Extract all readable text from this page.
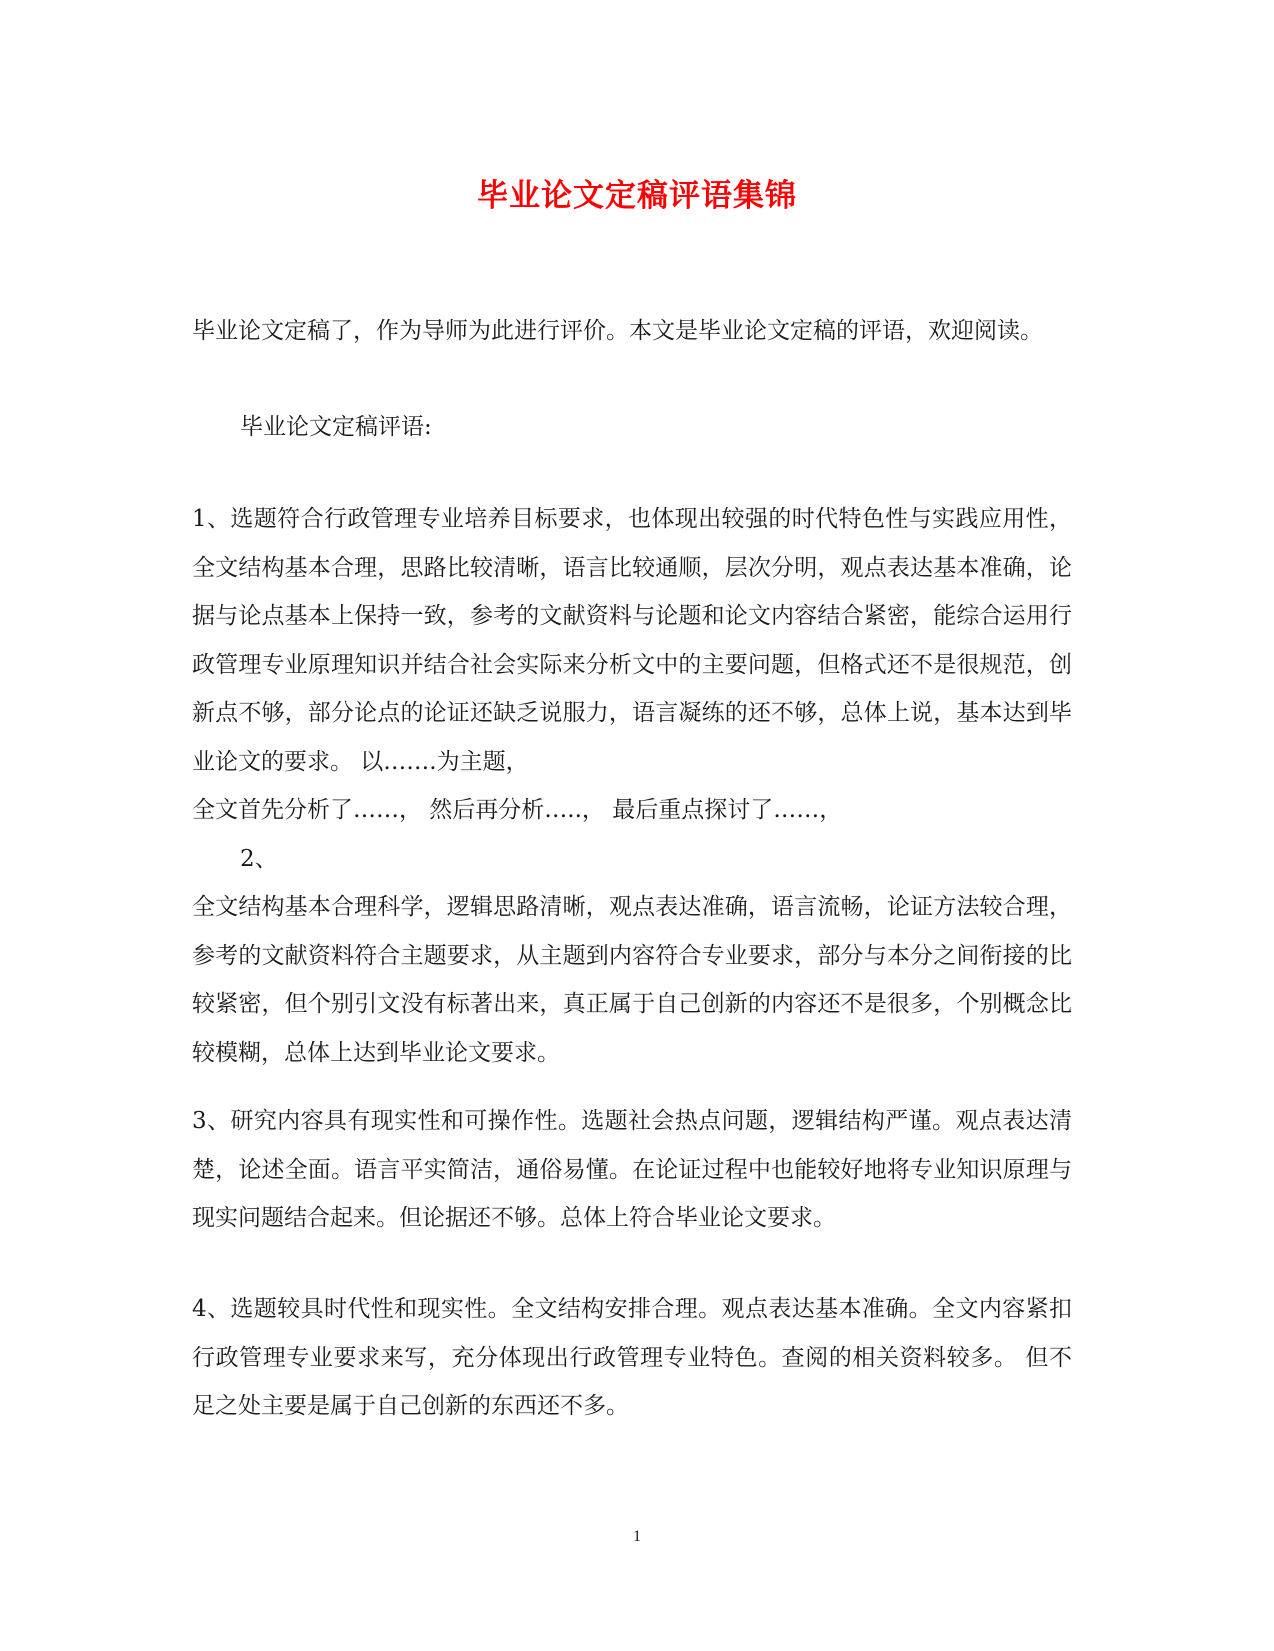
毕业论文定稿评语集锦

毕业论文定稿了，作为导师为此进行评价。本文是毕业论文定稿的评语，欢迎阅读。

毕业论文定稿评语:

1、选题符合行政管理专业培养目标要求，也体现出较强的时代特色性与实践应用性，全文结构基本合理，思路比较清晰，语言比较通顺，层次分明，观点表达基本准确，论据与论点基本上保持一致，参考的文献资料与论题和论文内容结合紧密，能综合运用行政管理专业原理知识并结合社会实际来分析文中的主要问题，但格式还不是很规范，创新点不够，部分论点的论证还缺乏说服力，语言凝练的还不够，总体上说，基本达到毕业论文的要求。 以…….为主题，

全文首先分析了……， 然后再分析…..， 最后重点探讨了……，

2、

全文结构基本合理科学，逻辑思路清晰，观点表达准确，语言流畅，论证方法较合理，参考的文献资料符合主题要求，从主题到内容符合专业要求，部分与本分之间衔接的比较紧密，但个别引文没有标著出来，真正属于自己创新的内容还不是很多，个别概念比较模糊，总体上达到毕业论文要求。

3、研究内容具有现实性和可操作性。选题社会热点问题，逻辑结构严谨。观点表达清楚，论述全面。语言平实简洁，通俗易懂。在论证过程中也能较好地将专业知识原理与现实问题结合起来。但论据还不够。总体上符合毕业论文要求。

4、选题较具时代性和现实性。全文结构安排合理。观点表达基本准确。全文内容紧扣行政管理专业要求来写，充分体现出行政管理专业特色。查阅的相关资料较多。 但不足之处主要是属于自己创新的东西还不多。

1
